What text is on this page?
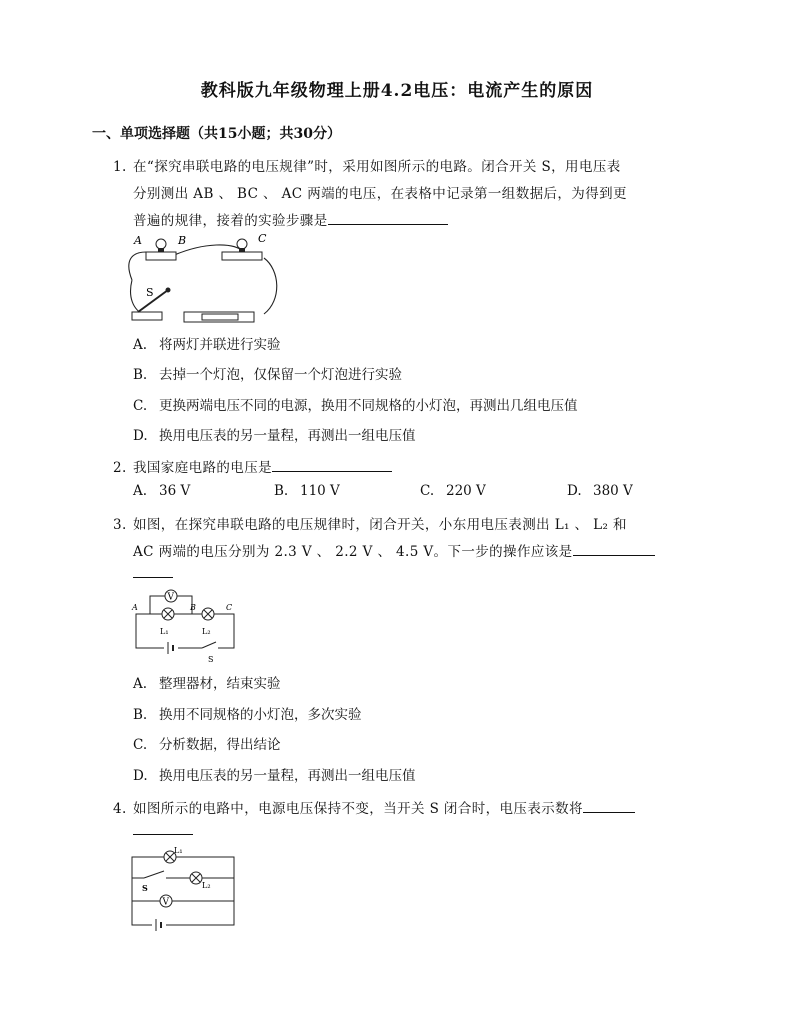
教科版九年级物理上册4.2电压：电流产生的原因
一、单项选择题（共15小题；共30分）
1. 在“探究串联电路的电压规律”时，采用如图所示的电路。闭合开关 S，用电压表
分别测出 AB 、 BC 、 AC 两端的电压，在表格中记录第一组数据后，为得到更
普遍的规律，接着的实验步骤是
A	B	C
S
A. 将两灯并联进行实验
B. 去掉一个灯泡，仅保留一个灯泡进行实验
C. 更换两端电压不同的电源，换用不同规格的小灯泡，再测出几组电压值
D. 换用电压表的另一量程，再测出一组电压值
2. 我国家庭电路的电压是
A. 36 V	B. 110 V	C. 220 V	D. 380 V
3. 如图，在探究串联电路的电压规律时，闭合开关，小东用电压表测出 L₁ 、 L₂ 和
AC 两端的电压分别为 2.3 V 、 2.2 V 、 4.5 V。下一步的操作应该是
V
A	B	C
L₁	L₂
S
A. 整理器材，结束实验
B. 换用不同规格的小灯泡，多次实验
C. 分析数据，得出结论
D. 换用电压表的另一量程，再测出一组电压值
4. 如图所示的电路中，电源电压保持不变，当开关 S 闭合时，电压表示数将
L₁
S	L₂
V
